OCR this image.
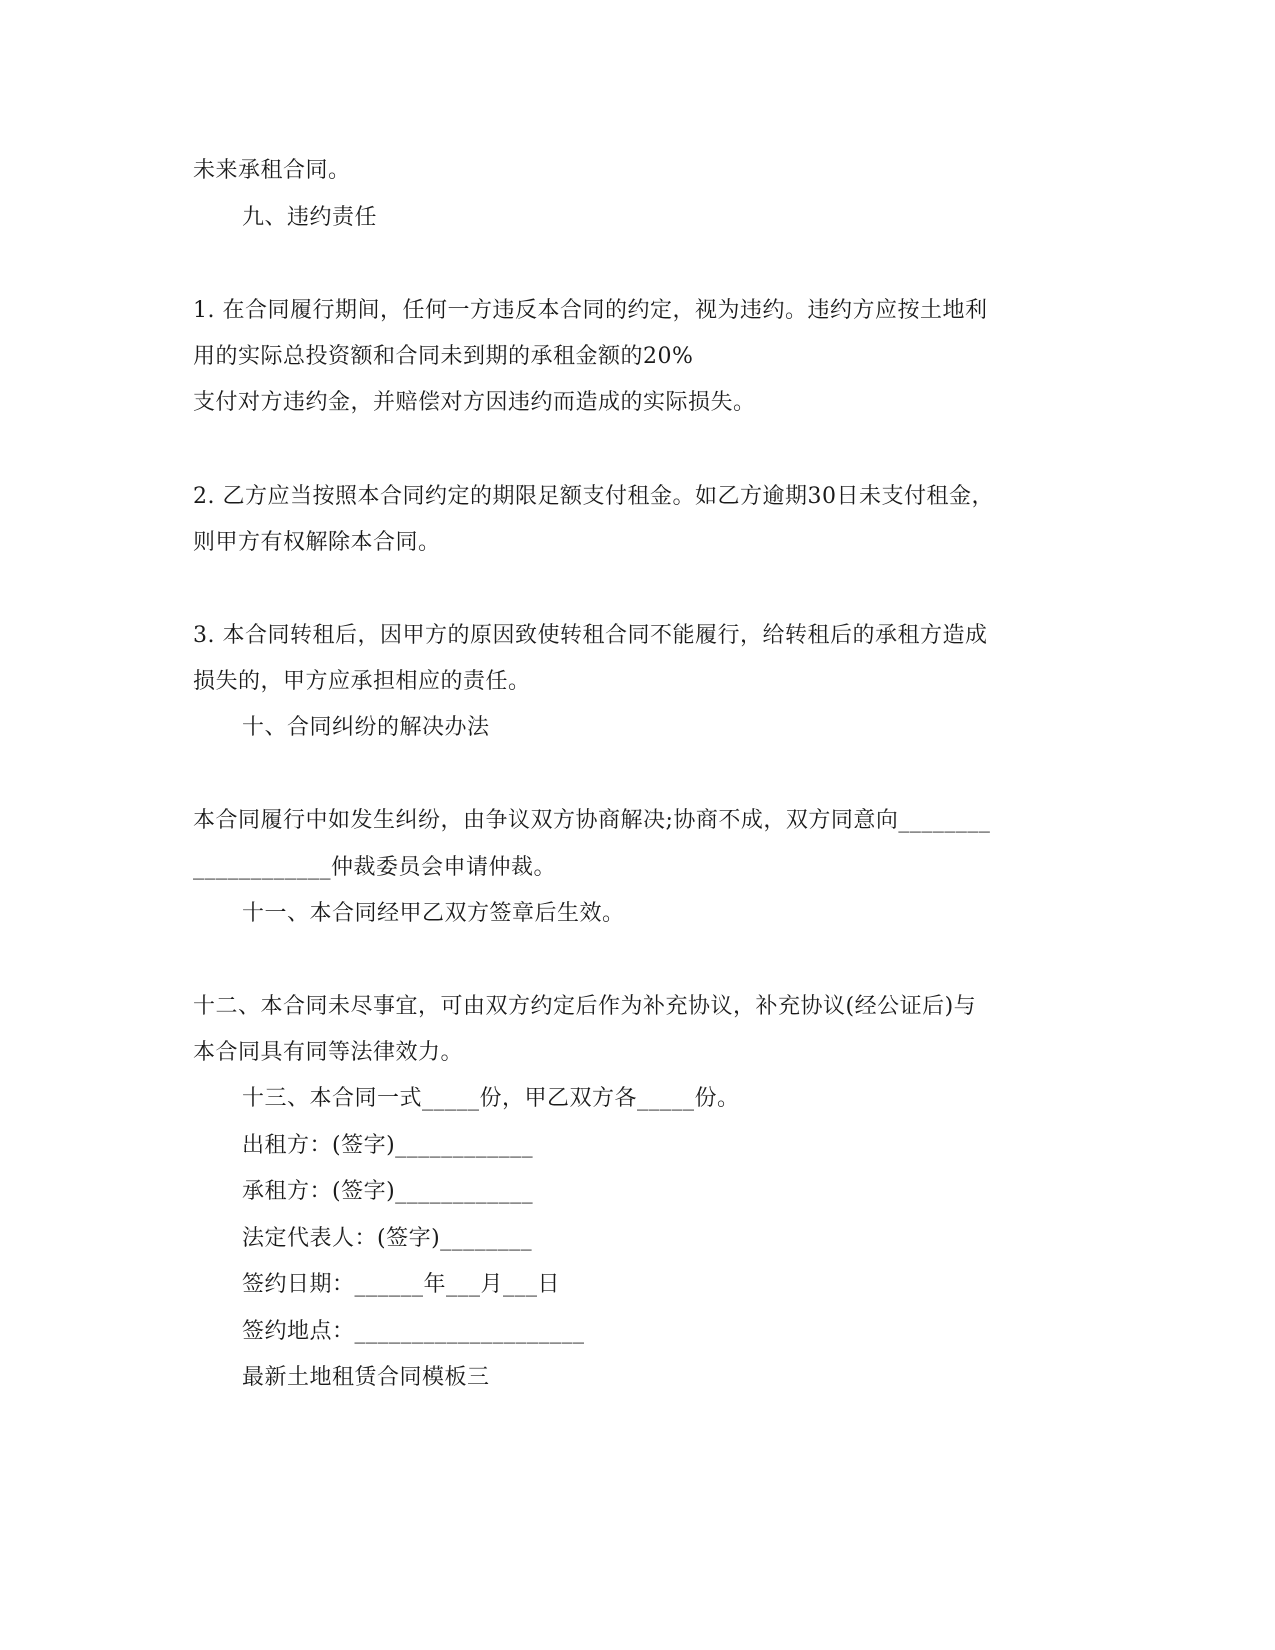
未来承租合同。
九、违约责任
1. 在合同履行期间，任何一方违反本合同的约定，视为违约。违约方应按土地利
用的实际总投资额和合同未到期的承租金额的20%
支付对方违约金，并赔偿对方因违约而造成的实际损失。
2. 乙方应当按照本合同约定的期限足额支付租金。如乙方逾期30日未支付租金，
则甲方有权解除本合同。
3. 本合同转租后，因甲方的原因致使转租合同不能履行，给转租后的承租方造成
损失的，甲方应承担相应的责任。
十、合同纠纷的解决办法
本合同履行中如发生纠纷，由争议双方协商解决;协商不成，双方同意向________
____________仲裁委员会申请仲裁。
十一、本合同经甲乙双方签章后生效。
十二、本合同未尽事宜，可由双方约定后作为补充协议，补充协议(经公证后)与
本合同具有同等法律效力。
十三、本合同一式_____份，甲乙双方各_____份。
出租方：(签字)____________
承租方：(签字)____________
法定代表人：(签字)________
签约日期：______年___月___日
签约地点：____________________
最新土地租赁合同模板三
